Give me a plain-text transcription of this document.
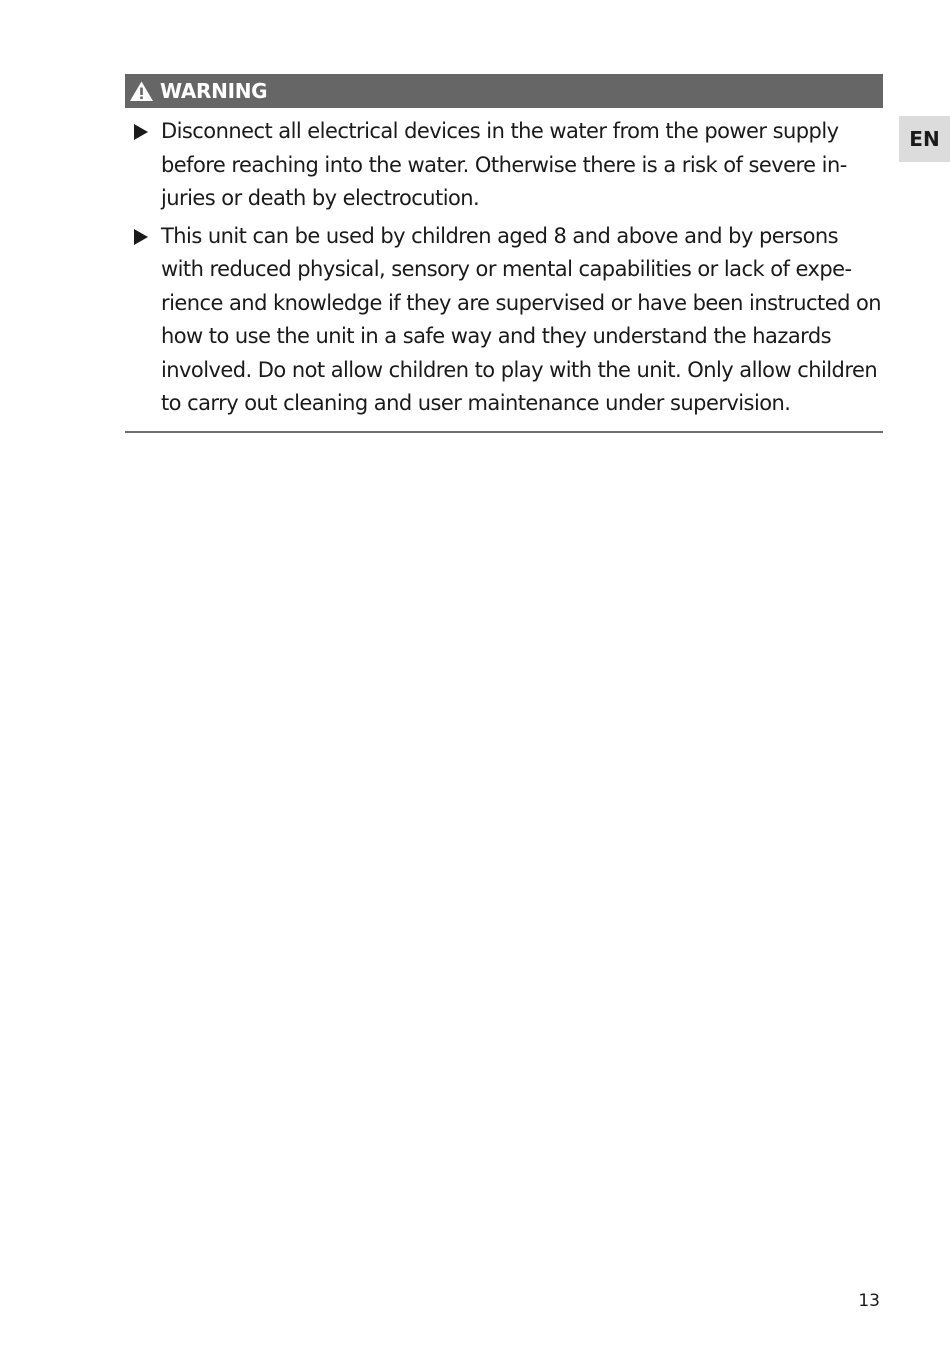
WARNING
Disconnect all electrical devices in the water from the power supply before reaching into the water. Otherwise there is a risk of severe injuries or death by electrocution.
This unit can be used by children aged 8 and above and by persons with reduced physical, sensory or mental capabilities or lack of experience and knowledge if they are supervised or have been instructed on how to use the unit in a safe way and they understand the hazards involved. Do not allow children to play with the unit. Only allow children to carry out cleaning and user maintenance under supervision.
EN
13
